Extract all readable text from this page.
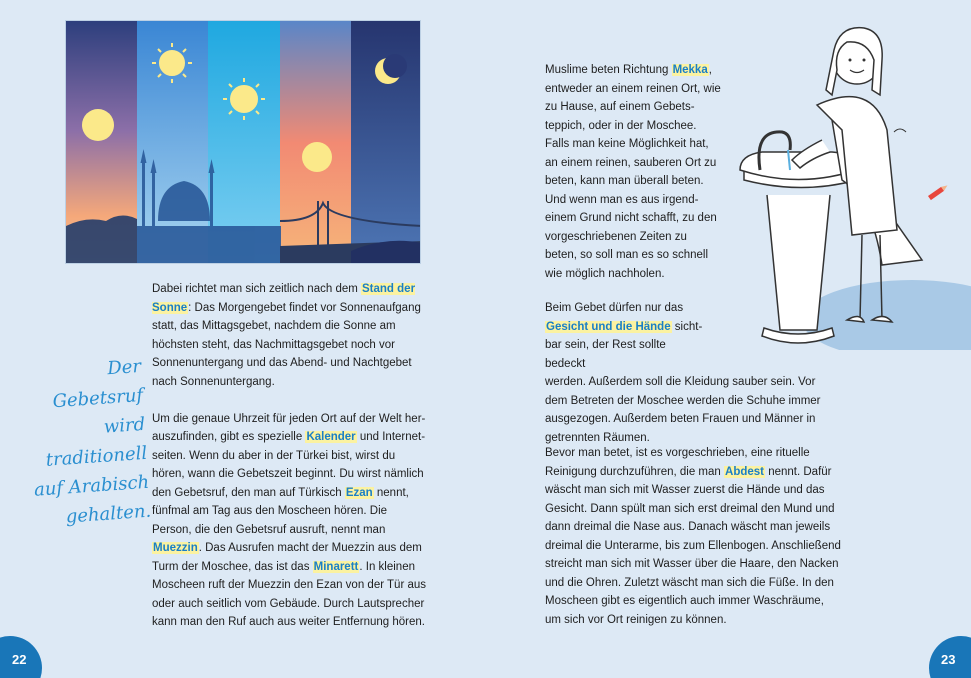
Der Gebetsruf
wird traditionell
auf Arabisch
gehalten.

Dabei richtet man sich zeitlich nach dem Stand der Sonne: Das Morgengebet findet vor Sonnenaufgang statt, das Mittagsgebet, nachdem die Sonne am höchsten steht, das Nachmittagsgebet noch vor Sonnenuntergang und das Abend- und Nachtgebet nach Sonnenuntergang.

Um die genaue Uhrzeit für jeden Ort auf der Welt herauszufinden, gibt es spezielle Kalender und Internetseiten. Wenn du aber in der Türkei bist, wirst du hören, wann die Gebetszeit beginnt. Du wirst nämlich den Gebetsruf, den man auf Türkisch Ezan nennt, fünfmal am Tag aus den Moscheen hören. Die Person, die den Gebetsruf ausruft, nennt man Muezzin. Das Ausrufen macht der Muezzin aus dem Turm der Moschee, das ist das Minarett. In kleinen Moscheen ruft der Muezzin den Ezan von der Tür aus oder auch seitlich vom Gebäude. Durch Lautsprecher kann man den Ruf auch aus weiter Entfernung hören.

Muslime beten Richtung Mekka, entweder an einem reinen Ort, wie zu Hause, auf einem Gebetsteppich, oder in der Moschee. Falls man keine Möglichkeit hat, an einem reinen, sauberen Ort zu beten, kann man überall beten. Und wenn man es aus irgendeinem Grund nicht schafft, zu den vorgeschriebenen Zeiten zu beten, so soll man es so schnell wie möglich nachholen.

Beim Gebet dürfen nur das Gesicht und die Hände sichtbar sein, der Rest sollte bedeckt
werden. Außerdem soll die Kleidung sauber sein. Vor dem Betreten der Moschee werden die Schuhe immer ausgezogen. Außerdem beten Frauen und Männer in getrennten Räumen.

Bevor man betet, ist es vorgeschrieben, eine rituelle Reinigung durchzuführen, die man Abdest nennt. Dafür wäscht man sich mit Wasser zuerst die Hände und das Gesicht. Dann spült man sich erst dreimal den Mund und dann dreimal die Nase aus. Danach wäscht man jeweils dreimal die Unterarme, bis zum Ellenbogen. Anschließend streicht man sich mit Wasser über die Haare, den Nacken und die Ohren. Zuletzt wäscht man sich die Füße. In den Moscheen gibt es eigentlich auch immer Waschräume, um sich vor Ort reinigen zu können.

22	23
